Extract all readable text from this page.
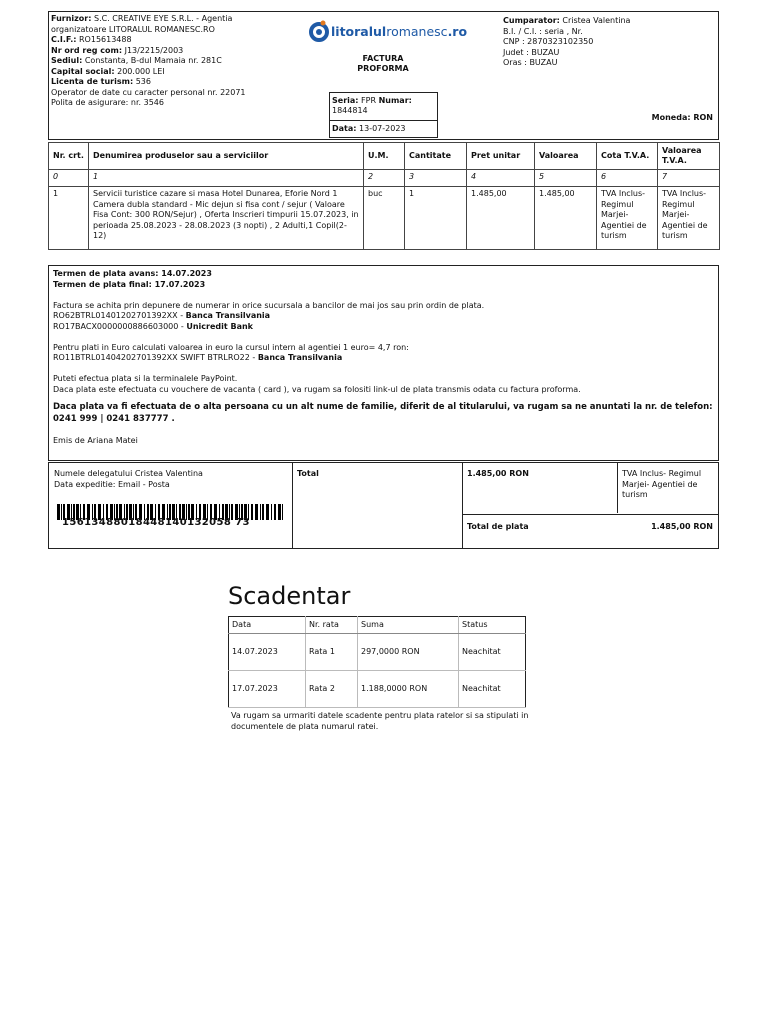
Furnizor: S.C. CREATIVE EYE S.R.L. - Agentia
organizatoare LITORALUL ROMANESC.RO
C.I.F.: RO15613488
Nr ord reg com: J13/2215/2003
Sediul: Constanta, B-dul Mamaia nr. 281C
Capital social: 200.000 LEI
Licenta de turism: 536
Operator de date cu caracter personal nr. 22071
Polita de asigurare: nr. 3546
litoralulromanesc.ro
FACTURA
PROFORMA
Seria: FPR Numar:
1844814
Data: 13-07-2023
Cumparator: Cristea Valentina
B.I. / C.I. : seria , Nr.
CNP : 2870323102350
Judet : BUZAU
Oras : BUZAU
Moneda: RON
Nr. crt.	Denumirea produselor sau a serviciilor	U.M.	Cantitate	Pret unitar	Valoarea	Cota T.V.A.	Valoarea T.V.A.
0	1	2	3	4	5	6	7
1	Servicii turistice cazare si masa Hotel Dunarea, Eforie Nord 1 Camera dubla standard - Mic dejun si fisa cont / sejur ( Valoare Fisa Cont: 300 RON/Sejur) , Oferta Inscrieri timpurii 15.07.2023, in perioada 25.08.2023 - 28.08.2023 (3 nopti) , 2 Adulti,1 Copil(2-12)	buc	1	1.485,00	1.485,00	TVA Inclus-Regimul Marjei-Agentiei de turism	TVA Inclus-Regimul Marjei-Agentiei de turism

Termen de plata avans: 14.07.2023

Termen de plata final: 17.07.2023

Factura se achita prin depunere de numerar in orice sucursala a bancilor de mai jos sau prin ordin de plata.

RO62BTRL01401202701392XX - Banca Transilvania

RO17BACX0000000886603000 - Unicredit Bank

Pentru plati in Euro calculati valoarea in euro la cursul intern al agentiei 1 euro= 4,7 ron:

RO11BTRL01404202701392XX SWIFT BTRLRO22 - Banca Transilvania

Puteti efectua plata si la terminalele PayPoint.

Daca plata este efectuata cu vouchere de vacanta ( card ), va rugam sa folositi link-ul de plata transmis odata cu factura proforma.

Daca plata va fi efectuata de o alta persoana cu un alt nume de familie, diferit de al titularului, va rugam sa ne anuntati la nr. de telefon: 0241 999 | 0241 837777 .

Emis de Ariana Matei

Numele delegatului Cristea Valentina
Data expeditie: Email - Posta
15613488018448140132058 73
Total	1.485,00 RON	TVA Inclus- Regimul Marjei- Agentiei de turism
Total de plata	1.485,00 RON
Scadentar
Data	Nr. rata	Suma	Status
14.07.2023	Rata 1	297,0000 RON	Neachitat
17.07.2023	Rata 2	1.188,0000 RON	Neachitat
Va rugam sa urmariti datele scadente pentru plata ratelor si sa stipulati in documentele de plata numarul ratei.
